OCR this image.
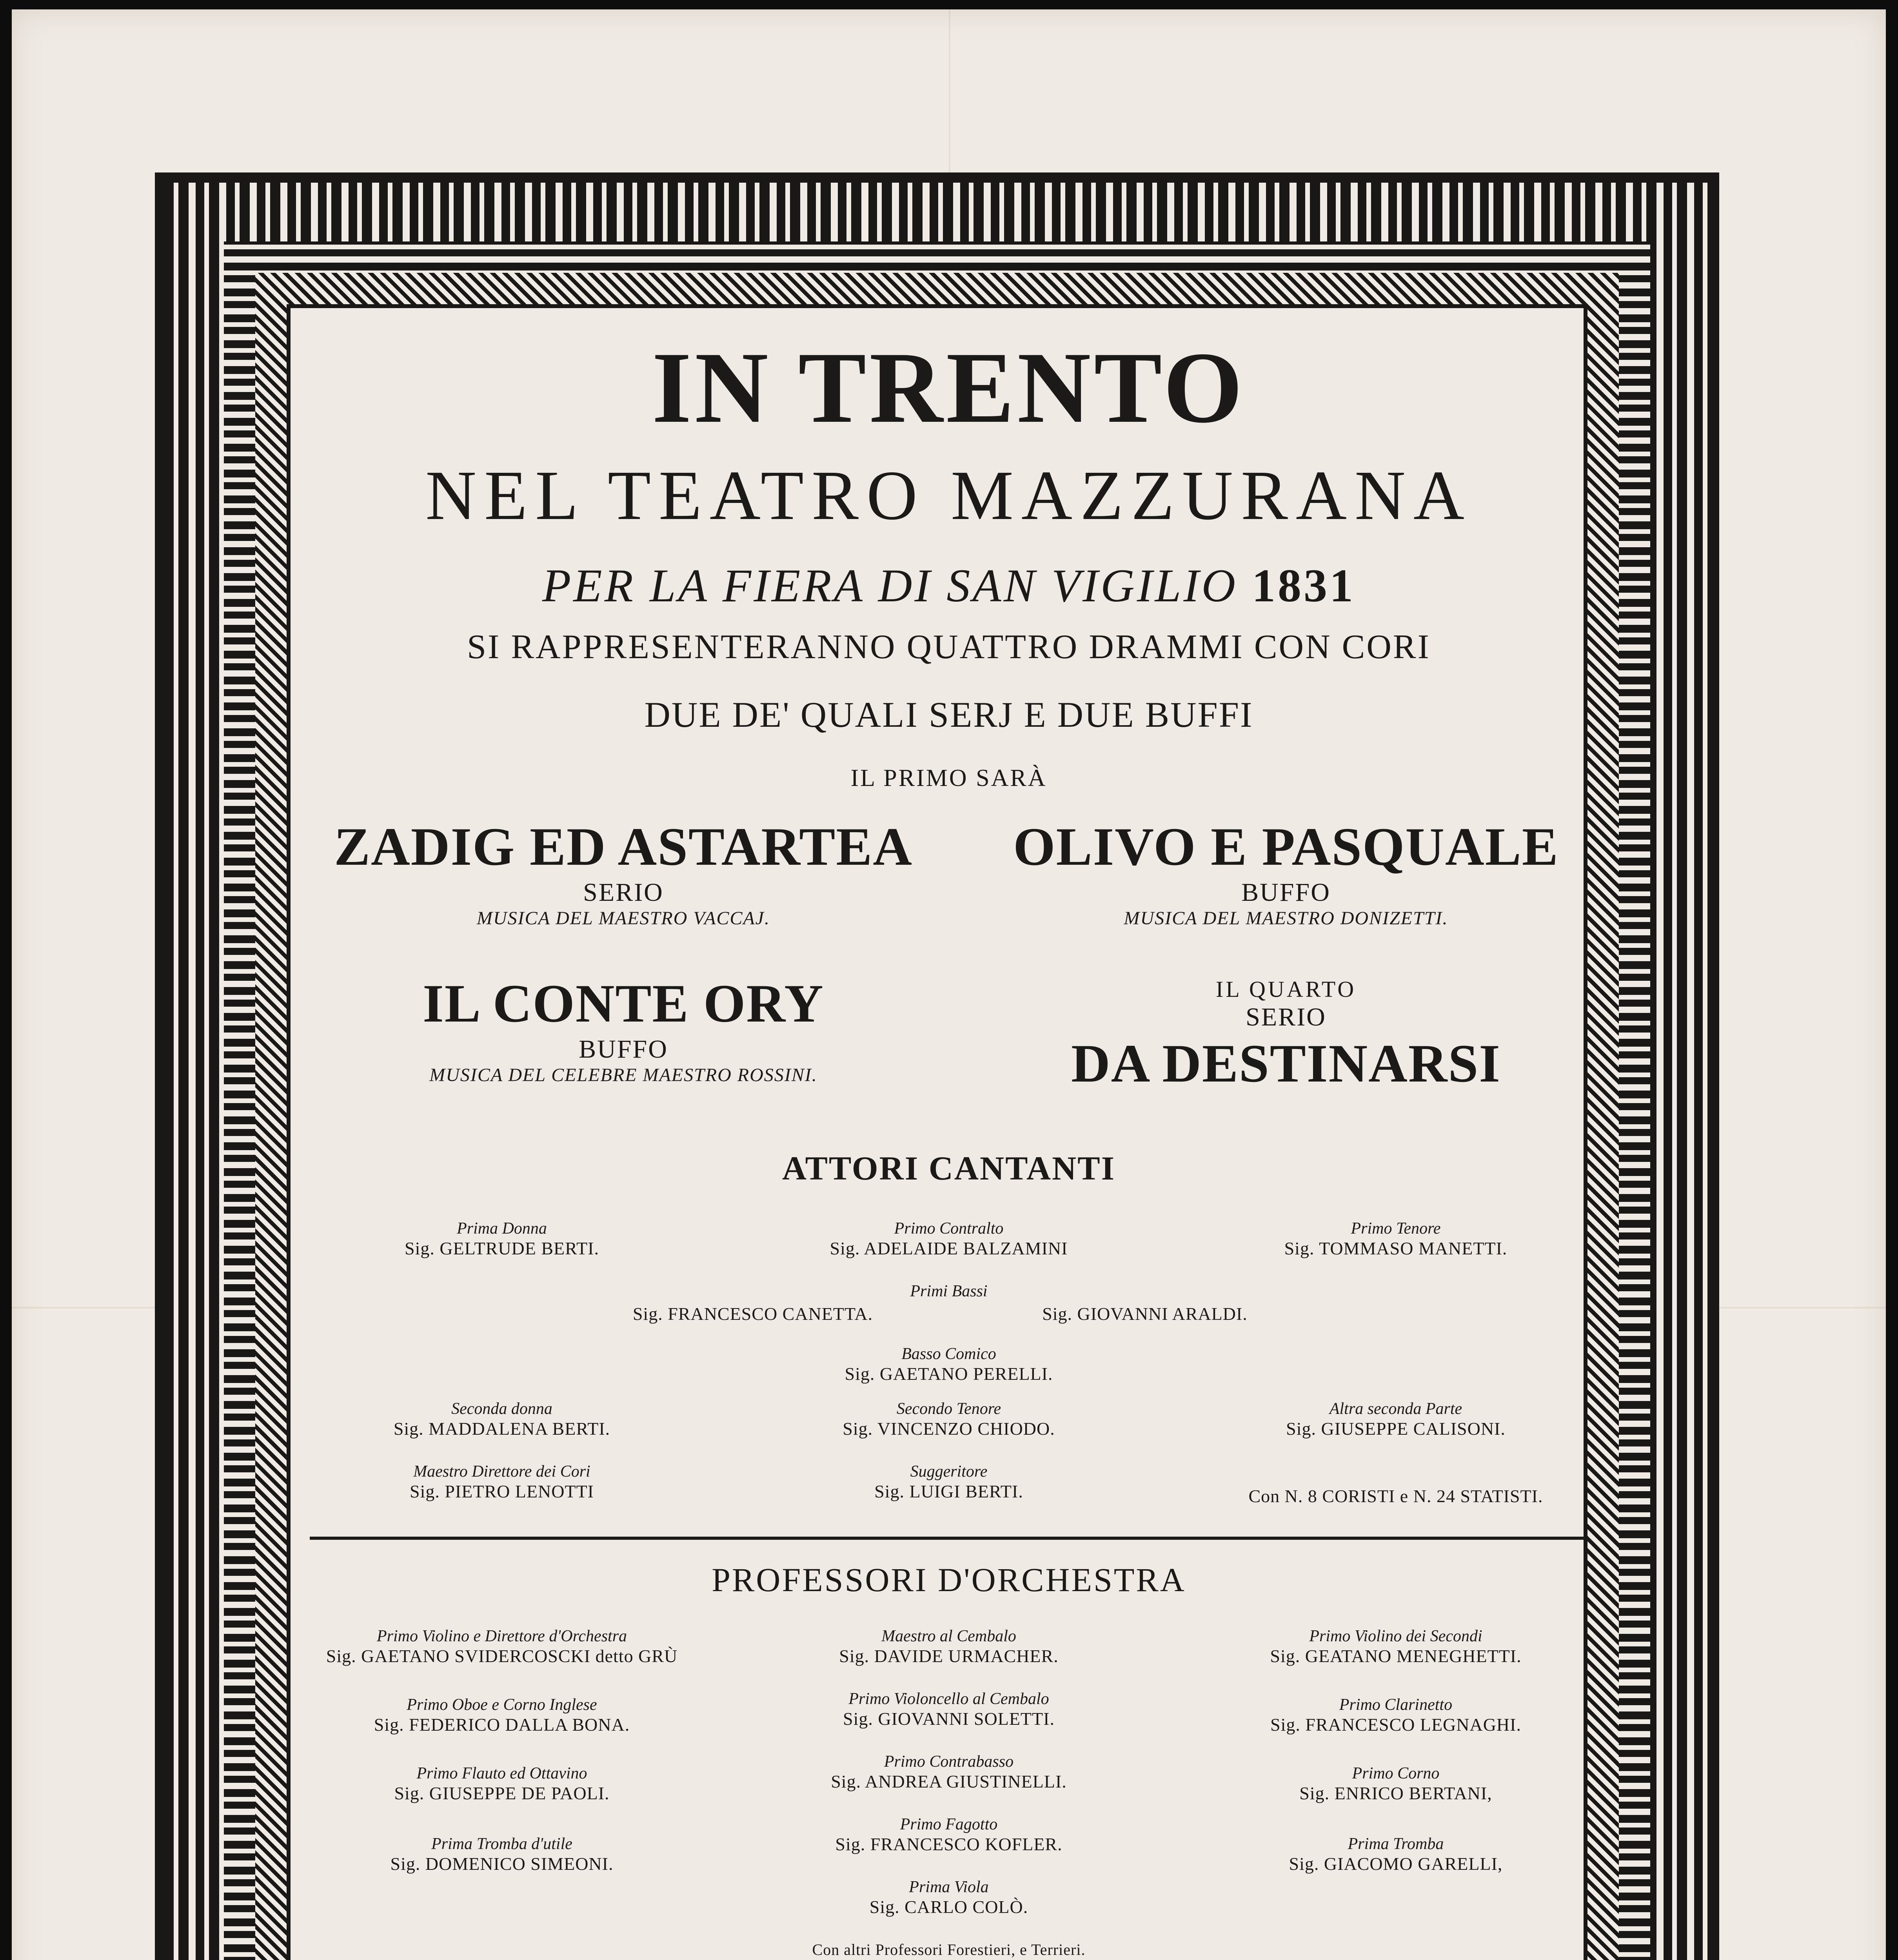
IN TRENTO
NEL TEATRO MAZZURANA
PER LA FIERA DI SAN VIGILIO 1831
SI RAPPRESENTERANNO QUATTRO DRAMMI CON CORI
DUE DE' QUALI SERJ E DUE BUFFI
IL PRIMO SARÀ
ZADIG ED ASTARTEA
SERIO
MUSICA DEL MAESTRO VACCAJ.
OLIVO E PASQUALE
BUFFO
MUSICA DEL MAESTRO DONIZETTI.
IL CONTE ORY
BUFFO
MUSICA DEL CELEBRE MAESTRO ROSSINI.
IL QUARTO
SERIO
DA DESTINARSI
ATTORI CANTANTI
Prima Donna
Sig. GELTRUDE BERTI.
Primo Contralto
Sig. ADELAIDE BALZAMINI
Primo Tenore
Sig. TOMMASO MANETTI.
Primi Bassi
Sig. FRANCESCO CANETTA.	Sig. GIOVANNI ARALDI.
Basso Comico
Sig. GAETANO PERELLI.
Seconda donna
Sig. MADDALENA BERTI.
Secondo Tenore
Sig. VINCENZO CHIODO.
Altra seconda Parte
Sig. GIUSEPPE CALISONI.
Maestro Direttore dei Cori
Sig. PIETRO LENOTTI
Suggeritore
Sig. LUIGI BERTI.	Con N. 8 CORISTI e N. 24 STATISTI.
PROFESSORI D'ORCHESTRA
Primo Violino e Direttore d'Orchestra
Sig. GAETANO SVIDERCOSCKI detto GRÙ
Primo Oboe e Corno Inglese
Sig. FEDERICO DALLA BONA.
Primo Flauto ed Ottavino
Sig. GIUSEPPE DE PAOLI.
Prima Tromba d'utile
Sig. DOMENICO SIMEONI.
Maestro al Cembalo
Sig. DAVIDE URMACHER.
Primo Violoncello al Cembalo
Sig. GIOVANNI SOLETTI.
Primo Contrabasso
Sig. ANDREA GIUSTINELLI.
Primo Fagotto
Sig. FRANCESCO KOFLER.
Prima Viola
Sig. CARLO COLÒ.
Primo Violino dei Secondi
Sig. GEATANO MENEGHETTI.
Primo Clarinetto
Sig. FRANCESCO LEGNAGHI.
Primo Corno
Sig. ENRICO BERTANI,
Prima Tromba
Sig. GIACOMO GARELLI,
Con altri Professori Forestieri, e Terrieri.
